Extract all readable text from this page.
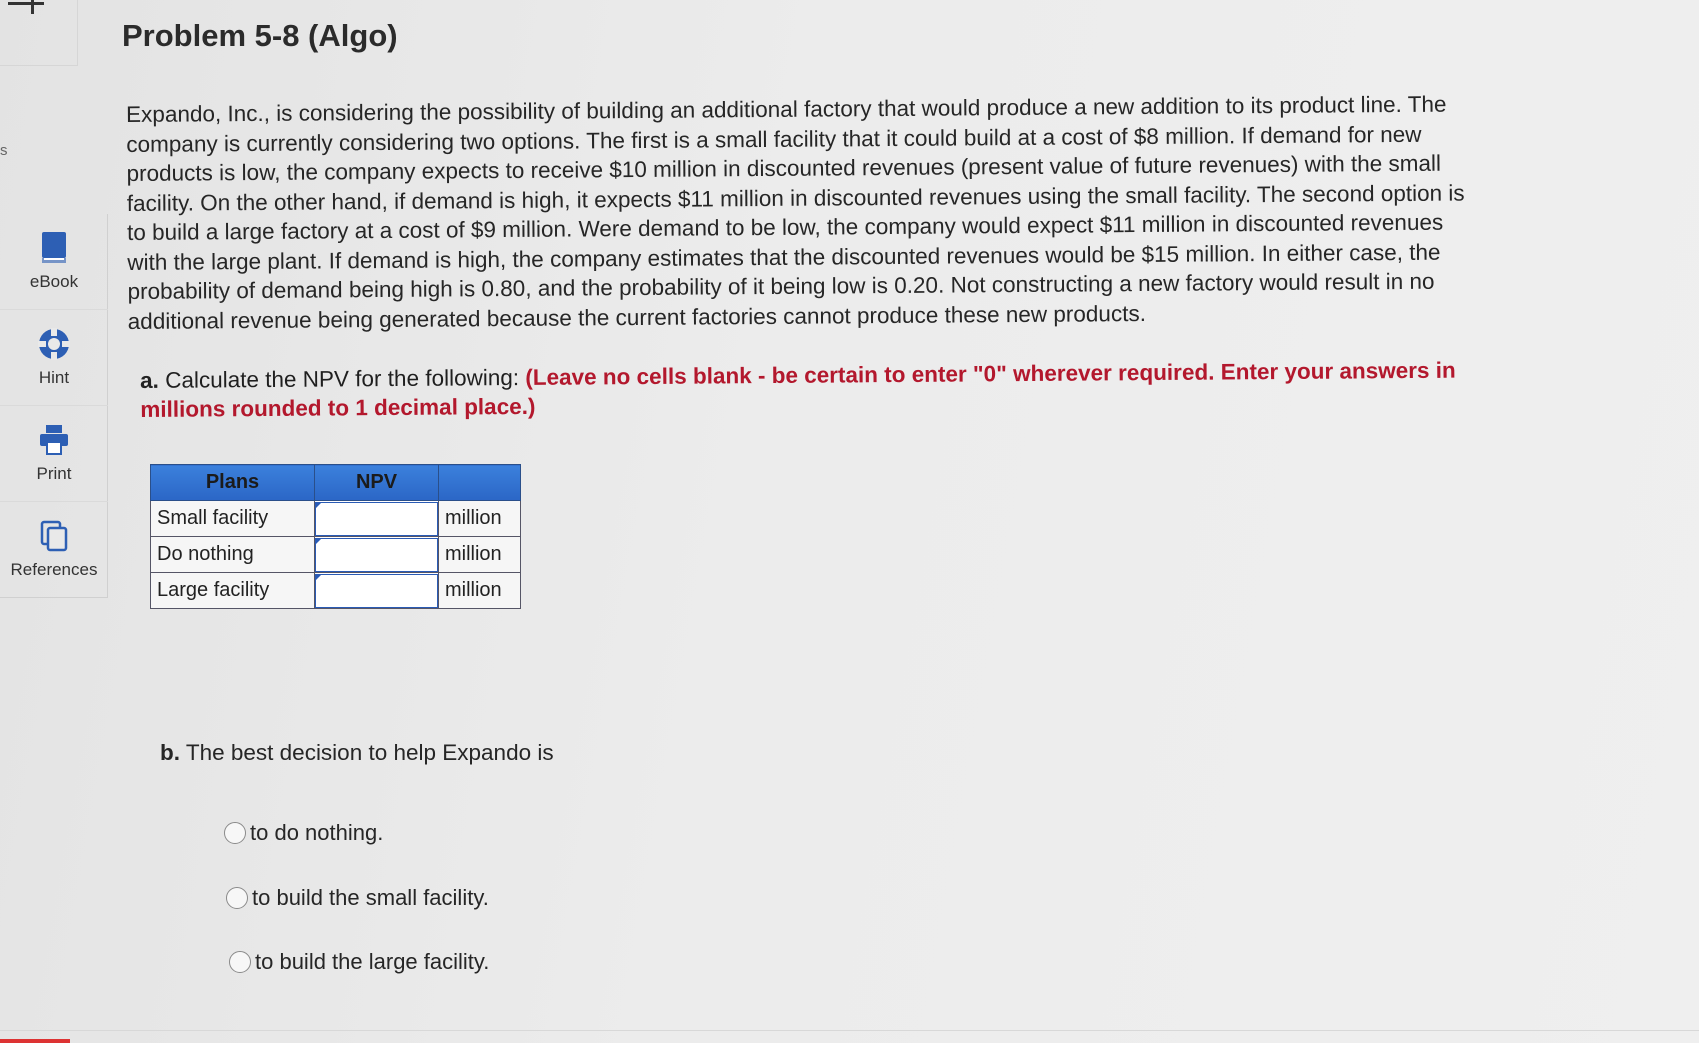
s
eBook
Hint
Print
References
Problem 5-8 (Algo)

Expando, Inc., is considering the possibility of building an additional factory that would produce a new addition to its product line. The

company is currently considering two options. The first is a small facility that it could build at a cost of $8 million. If demand for new

products is low, the company expects to receive $10 million in discounted revenues (present value of future revenues) with the small

facility. On the other hand, if demand is high, it expects $11 million in discounted revenues using the small facility. The second option is

to build a large factory at a cost of $9 million. Were demand to be low, the company would expect $11 million in discounted revenues

with the large plant. If demand is high, the company estimates that the discounted revenues would be $15 million. In either case, the

probability of demand being high is 0.80, and the probability of it being low is 0.20. Not constructing a new factory would result in no

additional revenue being generated because the current factories cannot produce these new products.

a. Calculate the NPV for the following: (Leave no cells blank - be certain to enter "0" wherever required. Enter your answers in
millions rounded to 1 decimal place.)
Plans	NPV	
Small facility		million
Do nothing		million
Large facility		million
b. The best decision to help Expando is
to do nothing.
to build the small facility.
to build the large facility.
